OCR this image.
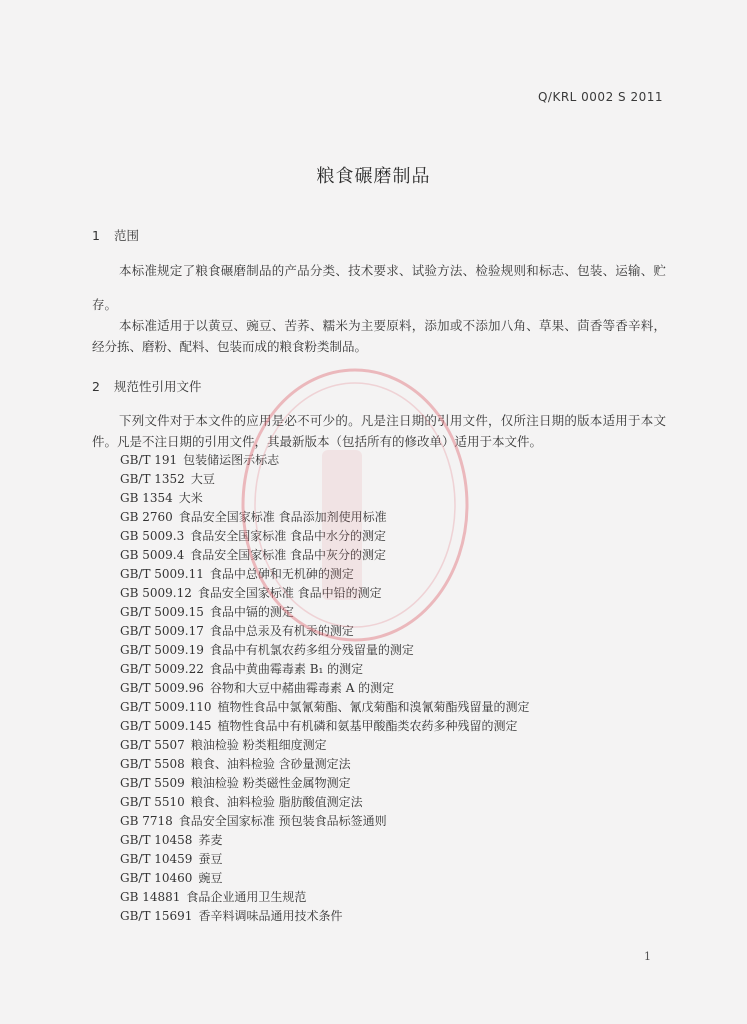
Q/KRL 0002 S 2011
粮食碾磨制品
1 范围

本标准规定了粮食碾磨制品的产品分类、技术要求、试验方法、检验规则和标志、包装、运输、贮存。

本标准适用于以黄豆、豌豆、苦荞、糯米为主要原料，添加或不添加八角、草果、茴香等香辛料，经分拣、磨粉、配料、包装而成的粮食粉类制品。

2 规范性引用文件

下列文件对于本文件的应用是必不可少的。凡是注日期的引用文件，仅所注日期的版本适用于本文件。凡是不注日期的引用文件，其最新版本（包括所有的修改单）适用于本文件。

GB/T 191 包装储运图示标志
GB/T 1352 大豆
GB 1354 大米
GB 2760 食品安全国家标准 食品添加剂使用标准
GB 5009.3 食品安全国家标准 食品中水分的测定
GB 5009.4 食品安全国家标准 食品中灰分的测定
GB/T 5009.11 食品中总砷和无机砷的测定
GB 5009.12 食品安全国家标准 食品中铅的测定
GB/T 5009.15 食品中镉的测定
GB/T 5009.17 食品中总汞及有机汞的测定
GB/T 5009.19 食品中有机氯农药多组分残留量的测定
GB/T 5009.22 食品中黄曲霉毒素 B₁ 的测定
GB/T 5009.96 谷物和大豆中赭曲霉毒素 A 的测定
GB/T 5009.110 植物性食品中氯氰菊酯、氰戊菊酯和溴氰菊酯残留量的测定
GB/T 5009.145 植物性食品中有机磷和氨基甲酸酯类农药多种残留的测定
GB/T 5507 粮油检验 粉类粗细度测定
GB/T 5508 粮食、油料检验 含砂量测定法
GB/T 5509 粮油检验 粉类磁性金属物测定
GB/T 5510 粮食、油料检验 脂肪酸值测定法
GB 7718 食品安全国家标准 预包装食品标签通则
GB/T 10458 荞麦
GB/T 10459 蚕豆
GB/T 10460 豌豆
GB 14881 食品企业通用卫生规范
GB/T 15691 香辛料调味品通用技术条件
1
